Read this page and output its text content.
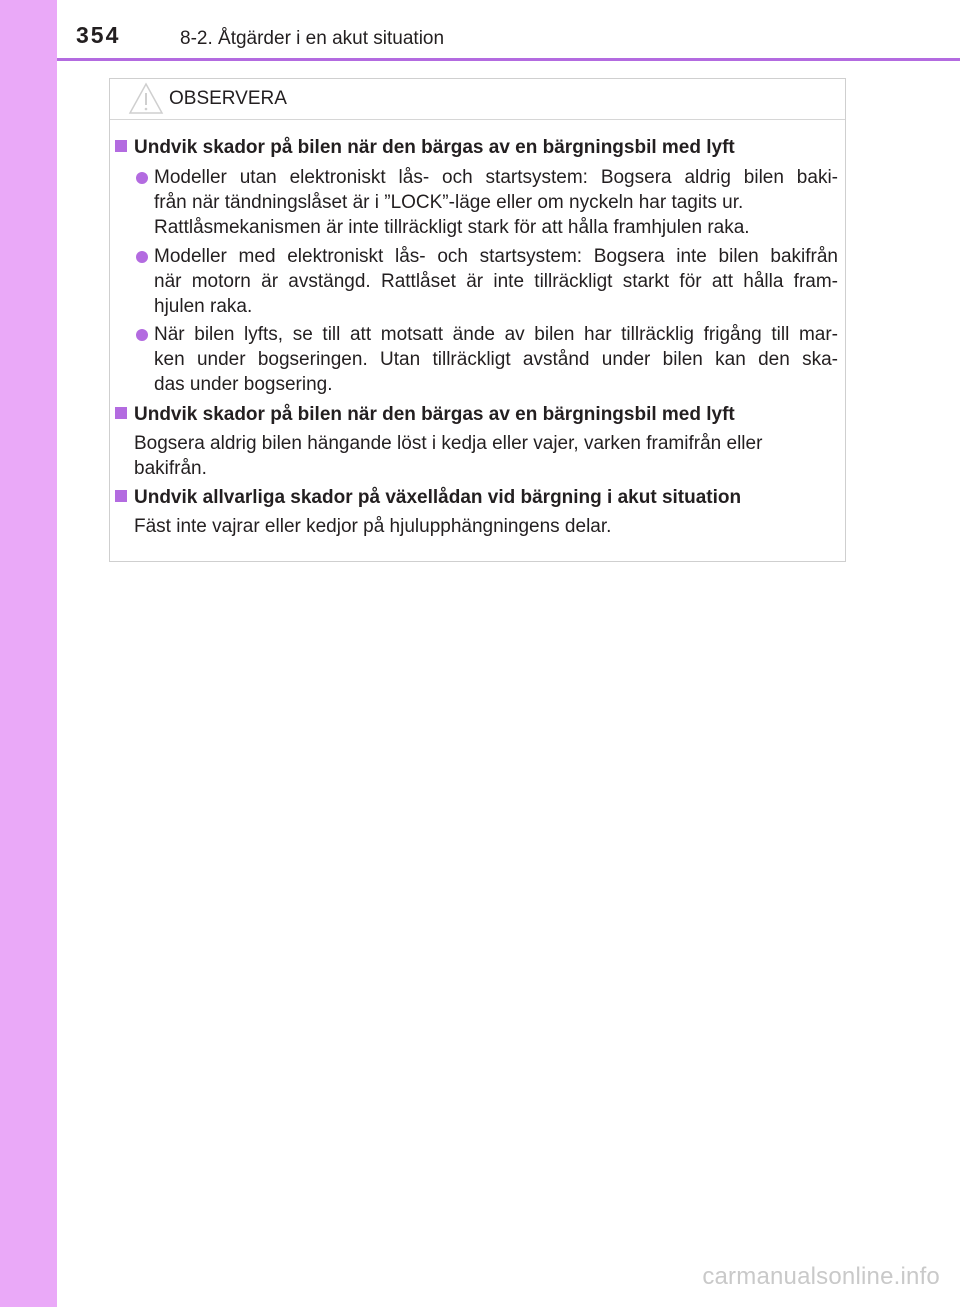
354	8-2. Åtgärder i en akut situation
OBSERVERA
Undvik skador på bilen när den bärgas av en bärgningsbil med lyft
Modeller utan elektroniskt lås- och startsystem: Bogsera aldrig bilen baki-
från när tändningslåset är i ”LOCK”-läge eller om nyckeln har tagits ur.
Rattlåsmekanismen är inte tillräckligt stark för att hålla framhjulen raka.
Modeller med elektroniskt lås- och startsystem: Bogsera inte bilen bakifrån
när motorn är avstängd. Rattlåset är inte tillräckligt starkt för att hålla fram-
hjulen raka.
När bilen lyfts, se till att motsatt ände av bilen har tillräcklig frigång till mar-
ken under bogseringen. Utan tillräckligt avstånd under bilen kan den ska-
das under bogsering.
Undvik skador på bilen när den bärgas av en bärgningsbil med lyft
Bogsera aldrig bilen hängande löst i kedja eller vajer, varken framifrån eller
bakifrån.
Undvik allvarliga skador på växellådan vid bärgning i akut situation
Fäst inte vajrar eller kedjor på hjulupphängningens delar.
carmanualsonline.info
